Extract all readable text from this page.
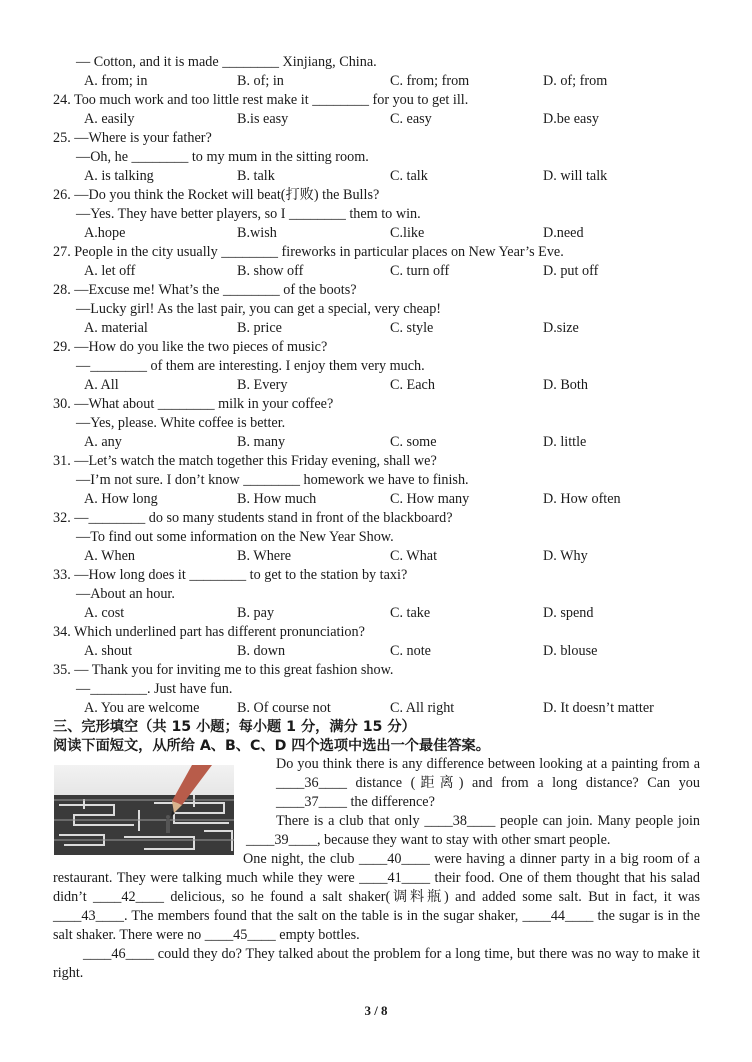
— Cotton, and it is made ________ Xinjiang, China.
A. from; in	B. of; in	C. from; from	D. of; from
24. Too much work and too little rest make it ________ for you to get ill.
A. easily	B.is easy	C. easy	D.be easy
25. —Where is your father?
—Oh, he ________ to my mum in the sitting room.
A. is talking	B. talk	C. talk	D. will talk
26. —Do you think the Rocket will beat(打败) the Bulls?
—Yes. They have better players, so I ________ them to win.
A.hope	B.wish	C.like	D.need
27. People in the city usually ________ fireworks in particular places on New Year’s Eve.
A. let off	B. show off	C. turn off	D. put off
28. —Excuse me! What’s the ________ of the boots?
—Lucky girl! As the last pair, you can get a special, very cheap!
A. material	B. price	C. style	D.size
29. —How do you like the two pieces of music?
—________ of them are interesting. I enjoy them very much.
A. All	B. Every	C. Each	D. Both
30. —What about ________ milk in your coffee?
—Yes, please. White coffee is better.
A. any	B. many	C. some	D. little
31. —Let’s watch the match together this Friday evening, shall we?
—I’m not sure. I don’t know ________ homework we have to finish.
A. How long	B. How much	C. How many	D. How often
32. —________ do so many students stand in front of the blackboard?
—To find out some information on the New Year Show.
A. When	B. Where	C. What	D. Why
33. —How long does it ________ to get to the station by taxi?
—About an hour.
A. cost	B. pay	C. take	D. spend
34. Which underlined part has different pronunciation?
A. shout	B. down	C. note	D. blouse
35. — Thank you for inviting me to this great fashion show.
—________. Just have fun.
A. You are welcome	B. Of course not	C. All right	D. It doesn’t matter
三、完形填空（共 15 小题；每小题 1 分，满分 15 分）
阅读下面短文，从所给 A、B、C、D 四个选项中选出一个最佳答案。
Do you think there is any difference between looking at a painting from a ____36____ distance (距离) and from a long distance? Can you ____37____ the difference?
There is a club that only ____38____ people can join. Many people join ____39____, because they want to stay with other smart people.
One night, the club ____40____ were having a dinner party in a big room of a restaurant. They were talking much while they were ____41____ their food. One of them thought that his salad didn’t ____42____ delicious, so he found a salt shaker(调料瓶) and added some salt. But in fact, it was ____43____. The members found that the salt on the table is in the sugar shaker, ____44____ the sugar is in the salt shaker. There were no ____45____ empty bottles.
____46____ could they do? They talked about the problem for a long time, but there was no way to make it right.
3 / 8
